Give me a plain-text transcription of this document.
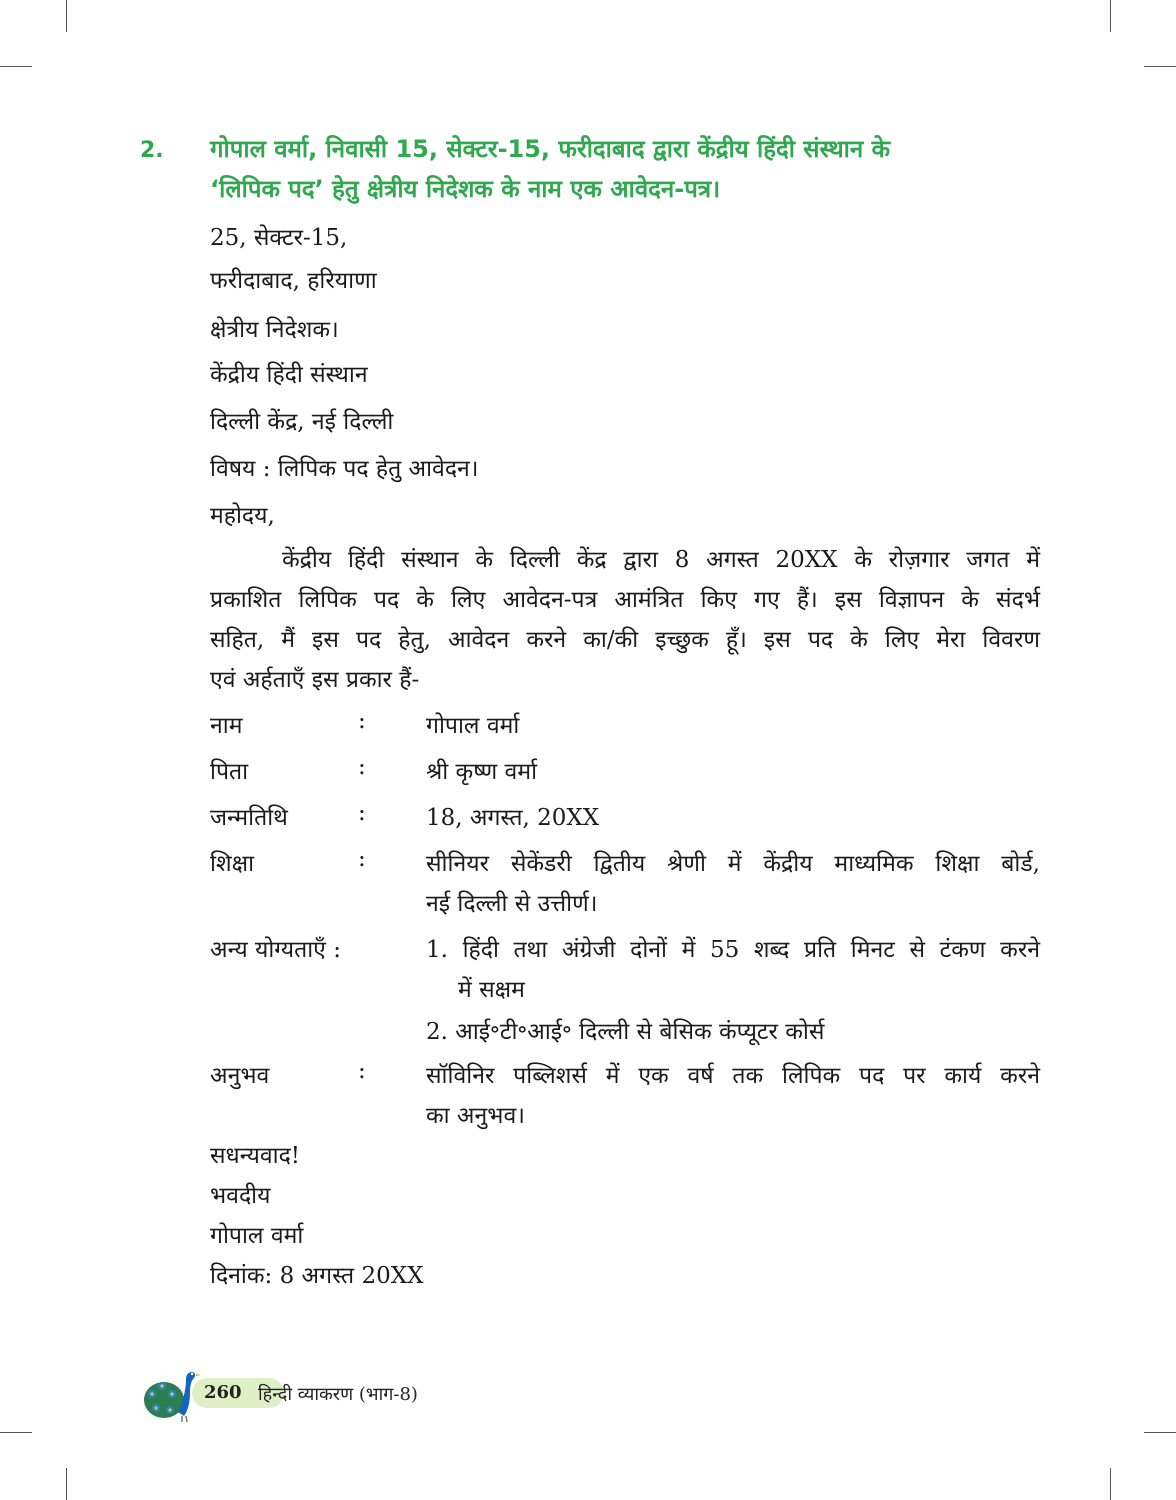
2. गोपाल वर्मा, निवासी 15, सेक्टर-15, फरीदाबाद द्वारा केंद्रीय हिंदी संस्थान के
‘लिपिक पद’ हेतु क्षेत्रीय निदेशक के नाम एक आवेदन-पत्र।
25, सेक्टर-15,
फरीदाबाद, हरियाणा
क्षेत्रीय निदेशक।
केंद्रीय हिंदी संस्थान
दिल्ली केंद्र, नई दिल्ली
विषय : लिपिक पद हेतु आवेदन।
महोदय,
केंद्रीय हिंदी संस्थान के दिल्ली केंद्र द्वारा 8 अगस्त 20XX के रोज़गार जगत में
प्रकाशित लिपिक पद के लिए आवेदन-पत्र आमंत्रित किए गए हैं। इस विज्ञापन के संदर्भ
सहित, मैं इस पद हेतु, आवेदन करने का/की इच्छुक हूँ। इस पद के लिए मेरा विवरण
एवं अर्हताएँ इस प्रकार हैं-
नाम	:	गोपाल वर्मा
पिता	:	श्री कृष्ण वर्मा
जन्मतिथि	:	18, अगस्त, 20XX
शिक्षा	:	सीनियर सेकेंडरी द्वितीय श्रेणी में केंद्रीय माध्यमिक शिक्षा बोर्ड,
नई दिल्ली से उत्तीर्ण।
अन्य योग्यताएँ :	1. हिंदी तथा अंग्रेजी दोनों में 55 शब्द प्रति मिनट से टंकण करने
में सक्षम
2. आई॰टी॰आई॰ दिल्ली से बेसिक कंप्यूटर कोर्स
अनुभव	:	सॉविनिर पब्लिशर्स में एक वर्ष तक लिपिक पद पर कार्य करने
का अनुभव।
सधन्यवाद!
भवदीय
गोपाल वर्मा
दिनांक: 8 अगस्त 20XX
260 हिन्दी व्याकरण (भाग-8)
